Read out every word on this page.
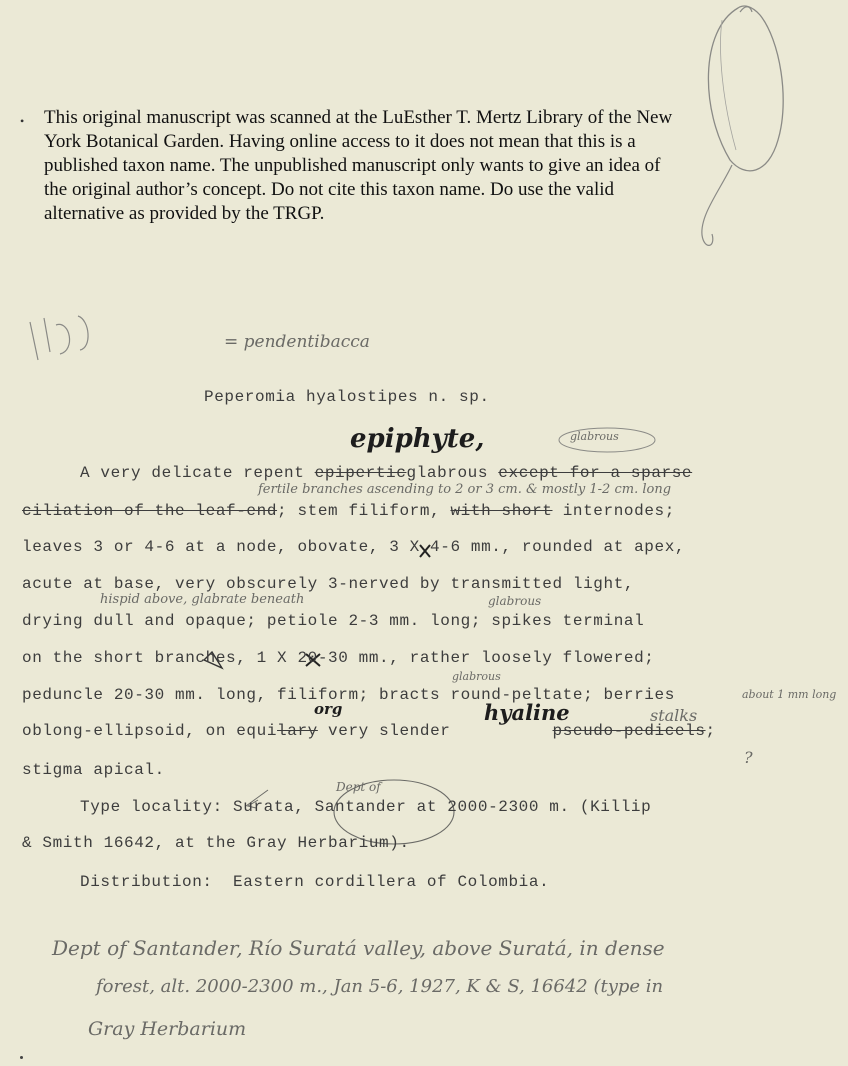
• This original manuscript was scanned at the LuEsther T. Mertz Library of the New York Botanical Garden. Having online access to it does not mean that this is a published taxon name. The unpublished manuscript only wants to give an idea of the original author’s concept. Do not cite this taxon name. Do use the valid alternative as provided by the TRGP.
= pendentibacca
Peperomia hyalostipes n. sp.
epiphyte,	glabrous
A very delicate repent epiperticglabrous except for a sparse
fertile branches ascending to 2 or 3 cm. & mostly 1-2 cm. long
ciliation of the leaf-end; stem filiform, with short internodes;
leaves 3 or 4-6 at a node, obovate, 3 X 4-6 mm., rounded at apex,
acute at base, very obscurely 3-nerved by transmitted light,
hispid above, glabrate beneath	glabrous
drying dull and opaque; petiole 2-3 mm. long; spikes terminal
on the short branches, 1 X 20-30 mm., rather loosely flowered;
glabrous
peduncle 20-30 mm. long, filiform; bracts round-peltate; berries	about 1 mm long
org	hyaline	stalks
oblong-ellipsoid, on equilary very slender	pseudo-pedicels;
?
stigma apical.
Dept of
Type locality: Surata, Santander at 2000-2300 m. (Killip
& Smith 16642, at the Gray Herbarium).
Distribution:  Eastern cordillera of Colombia.
Dept of Santander, Río Suratá valley, above Suratá, in dense
forest, alt. 2000-2300 m., Jan 5-6, 1927, K & S, 16642 (type in
Gray Herbarium
